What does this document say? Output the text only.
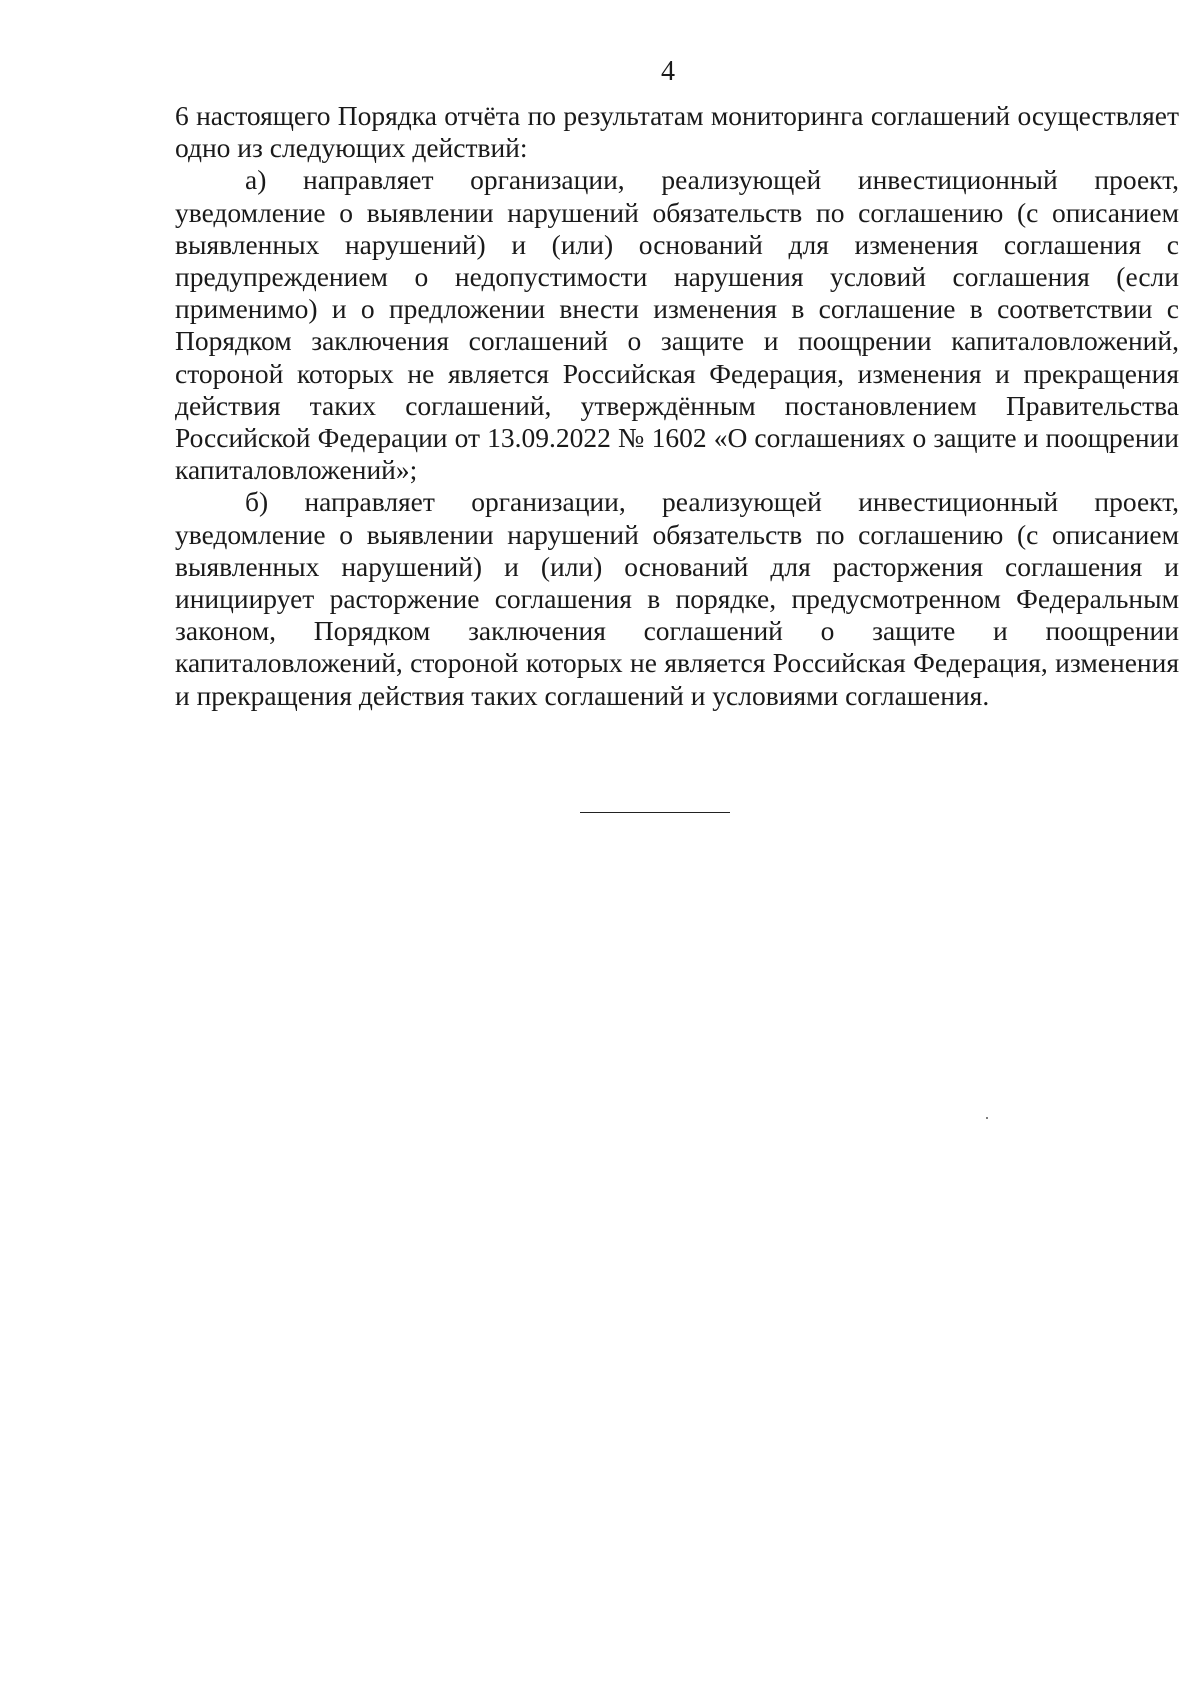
4

6 настоящего Порядка отчёта по результатам мониторинга соглашений осуществляет одно из следующих действий:

а) направляет организации, реализующей инвестиционный проект, уведомление о выявлении нарушений обязательств по соглашению (с описанием выявленных нарушений) и (или) оснований для изменения соглашения с предупреждением о недопустимости нарушения условий соглашения (если применимо) и о предложении внести изменения в соглашение в соответствии с Порядком заключения соглашений о защите и поощрении капиталовложений, стороной которых не является Российская Федерация, изменения и прекращения действия таких соглашений, утверждённым постановлением Правительства Российской Федерации от 13.09.2022 № 1602 «О соглашениях о защите и поощрении капиталовложений»;

б) направляет организации, реализующей инвестиционный проект, уведомление о выявлении нарушений обязательств по соглашению (с описанием выявленных нарушений) и (или) оснований для расторжения соглашения и инициирует расторжение соглашения в порядке, предусмотренном Федеральным законом, Порядком заключения соглашений о защите и поощрении капиталовложений, стороной которых не является Российская Федерация, изменения и прекращения действия таких соглашений и условиями соглашения.
